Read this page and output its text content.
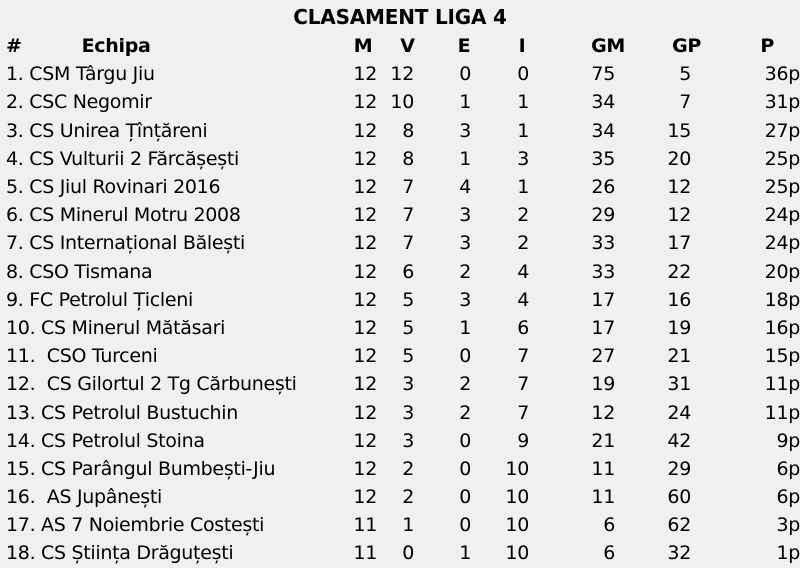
CLASAMENT LIGA 4
# Echipa	M	V	E	I	GM	GP	P
1. CSM Târgu Jiu	12	12	0	0	75	5	36p
2. CSC Negomir	12	10	1	1	34	7	31p
3. CS Unirea Țînțăreni	12	8	3	1	34	15	27p
4. CS Vulturii 2 Fărcășești	12	8	1	3	35	20	25p
5. CS Jiul Rovinari 2016	12	7	4	1	26	12	25p
6. CS Minerul Motru 2008	12	7	3	2	29	12	24p
7. CS Internațional Bălești	12	7	3	2	33	17	24p
8. CSO Tismana	12	6	2	4	33	22	20p
9. FC Petrolul Țicleni	12	5	3	4	17	16	18p
10. CS Minerul Mătăsari	12	5	1	6	17	19	16p
11.  CSO Turceni	12	5	0	7	27	21	15p
12.  CS Gilortul 2 Tg Cărbunești	12	3	2	7	19	31	11p
13. CS Petrolul Bustuchin	12	3	2	7	12	24	11p
14. CS Petrolul Stoina	12	3	0	9	21	42	9p
15. CS Parângul Bumbești-Jiu	12	2	0	10	11	29	6p
16.  AS Jupânești	12	2	0	10	11	60	6p
17. AS 7 Noiembrie Costești	11	1	0	10	6	62	3p
18. CS Știința Drăguțești	11	0	1	10	6	32	1p
